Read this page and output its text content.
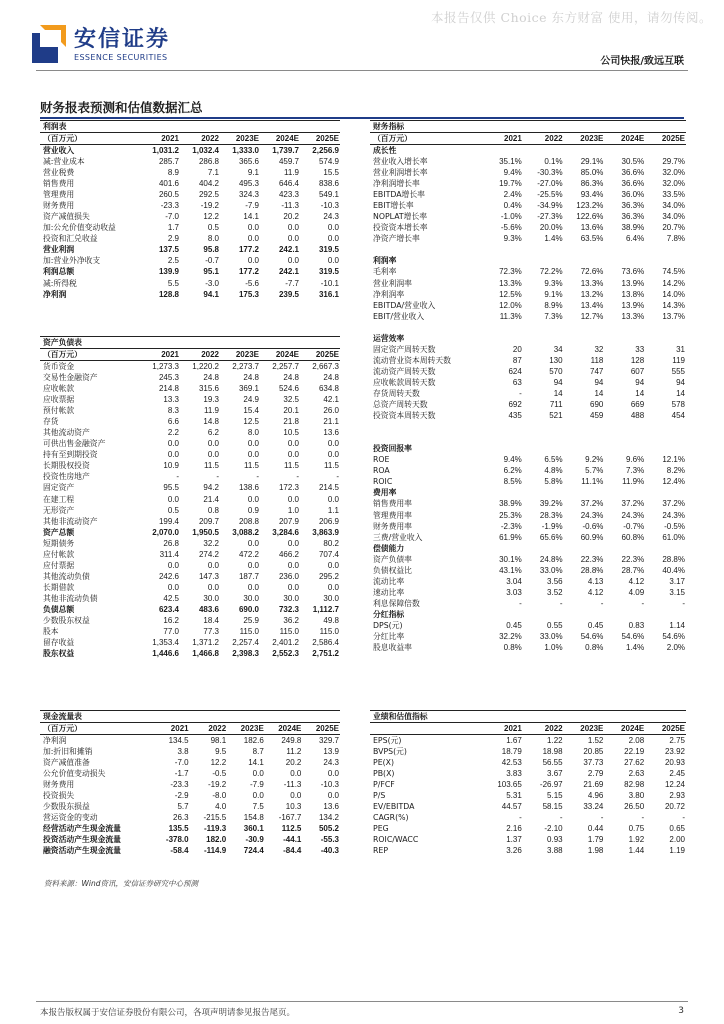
本报告仅供 Choice 东方财富 使用，请勿传阅。
安信证券
ESSENCE SECURITIES	公司快报/致远互联
财务报表预测和估值数据汇总
利润表					
（百万元）	2021	2022	2023E	2024E	2025E
营业收入	1,031.2	1,032.4	1,333.0	1,739.7	2,256.9
减:营业成本	285.7	286.8	365.6	459.7	574.9
营业税费	8.9	7.1	9.1	11.9	15.5
销售费用	401.6	404.2	495.3	646.4	838.6
管理费用	260.5	292.5	324.3	423.3	549.1
财务费用	-23.3	-19.2	-7.9	-11.3	-10.3
资产减值损失	-7.0	12.2	14.1	20.2	24.3
加:公允价值变动收益	1.7	0.5	0.0	0.0	0.0
投资和汇兑收益	2.9	8.0	0.0	0.0	0.0
营业利润	137.5	95.8	177.2	242.1	319.5
加:营业外净收支	2.5	-0.7	0.0	0.0	0.0
利润总额	139.9	95.1	177.2	242.1	319.5
减:所得税	5.5	-3.0	-5.6	-7.7	-10.1
净利润	128.8	94.1	175.3	239.5	316.1
资产负债表					
（百万元）	2021	2022	2023E	2024E	2025E
货币资金	1,273.3	1,220.2	2,273.7	2,257.7	2,667.3
交易性金融资产	245.3	24.8	24.8	24.8	24.8
应收帐款	214.8	315.6	369.1	524.6	634.8
应收票据	13.3	19.3	24.9	32.5	42.1
预付帐款	8.3	11.9	15.4	20.1	26.0
存货	6.6	14.8	12.5	21.8	21.1
其他流动资产	2.2	6.2	8.0	10.5	13.6
可供出售金融资产	0.0	0.0	0.0	0.0	0.0
持有至到期投资	0.0	0.0	0.0	0.0	0.0
长期股权投资	10.9	11.5	11.5	11.5	11.5
投资性房地产	-	-	-	-	-
固定资产	95.5	94.2	138.6	172.3	214.5
在建工程	0.0	21.4	0.0	0.0	0.0
无形资产	0.5	0.8	0.9	1.0	1.1
其他非流动资产	199.4	209.7	208.8	207.9	206.9
资产总额	2,070.0	1,950.5	3,088.2	3,284.6	3,863.9
短期债务	26.8	32.2	0.0	0.0	80.2
应付帐款	311.4	274.2	472.2	466.2	707.4
应付票据	0.0	0.0	0.0	0.0	0.0
其他流动负债	242.6	147.3	187.7	236.0	295.2
长期借款	0.0	0.0	0.0	0.0	0.0
其他非流动负债	42.5	30.0	30.0	30.0	30.0
负债总额	623.4	483.6	690.0	732.3	1,112.7
少数股东权益	16.2	18.4	25.9	36.2	49.8
股本	77.0	77.3	115.0	115.0	115.0
留存收益	1,353.4	1,371.2	2,257.4	2,401.2	2,586.4
股东权益	1,446.6	1,466.8	2,398.3	2,552.3	2,751.2
现金流量表					
（百万元）	2021	2022	2023E	2024E	2025E
净利润	134.5	98.1	182.6	249.8	329.7
加:折旧和摊销	3.8	9.5	8.7	11.2	13.9
资产减值准备	-7.0	12.2	14.1	20.2	24.3
公允价值变动损失	-1.7	-0.5	0.0	0.0	0.0
财务费用	-23.3	-19.2	-7.9	-11.3	-10.3
投资损失	-2.9	-8.0	0.0	0.0	0.0
少数股东损益	5.7	4.0	7.5	10.3	13.6
营运资金的变动	26.3	-215.5	154.8	-167.7	134.2
经营活动产生现金流量	135.5	-119.3	360.1	112.5	505.2
投资活动产生现金流量	-378.0	182.0	-30.9	-44.1	-55.3
融资活动产生现金流量	-58.4	-114.9	724.4	-84.4	-40.3
财务指标					
（百万元）	2021	2022	2023E	2024E	2025E
成长性					
营业收入增长率	35.1%	0.1%	29.1%	30.5%	29.7%
营业利润增长率	9.4%	-30.3%	85.0%	36.6%	32.0%
净利润增长率	19.7%	-27.0%	86.3%	36.6%	32.0%
EBITDA增长率	2.4%	-25.5%	93.4%	36.0%	33.5%
EBIT增长率	0.4%	-34.9%	123.2%	36.3%	34.0%
NOPLAT增长率	-1.0%	-27.3%	122.6%	36.3%	34.0%
投资资本增长率	-5.6%	20.0%	13.6%	38.9%	20.7%
净资产增长率	9.3%	1.4%	63.5%	6.4%	7.8%

利润率					
毛利率	72.3%	72.2%	72.6%	73.6%	74.5%
营业利润率	13.3%	9.3%	13.3%	13.9%	14.2%
净利润率	12.5%	9.1%	13.2%	13.8%	14.0%
EBITDA/营业收入	12.0%	8.9%	13.4%	13.9%	14.3%
EBIT/营业收入	11.3%	7.3%	12.7%	13.3%	13.7%

运营效率					
固定资产周转天数	20	34	32	33	31
流动营业资本周转天数	87	130	118	128	119
流动资产周转天数	624	570	747	607	555
应收帐款周转天数	63	94	94	94	94
存货周转天数	-	14	14	14	14
总资产周转天数	692	711	690	669	578
投资资本周转天数	435	521	459	488	454

投资回报率					
ROE	9.4%	6.5%	9.2%	9.6%	12.1%
ROA	6.2%	4.8%	5.7%	7.3%	8.2%
ROIC	8.5%	5.8%	11.1%	11.9%	12.4%
费用率					
销售费用率	38.9%	39.2%	37.2%	37.2%	37.2%
管理费用率	25.3%	28.3%	24.3%	24.3%	24.3%
财务费用率	-2.3%	-1.9%	-0.6%	-0.7%	-0.5%
三费/营业收入	61.9%	65.6%	60.9%	60.8%	61.0%
偿债能力					
资产负债率	30.1%	24.8%	22.3%	22.3%	28.8%
负债权益比	43.1%	33.0%	28.8%	28.7%	40.4%
流动比率	3.04	3.56	4.13	4.12	3.17
速动比率	3.03	3.52	4.12	4.09	3.15
利息保障倍数	-	-	-	-	-
分红指标					
DPS(元)	0.45	0.55	0.45	0.83	1.14
分红比率	32.2%	33.0%	54.6%	54.6%	54.6%
股息收益率	0.8%	1.0%	0.8%	1.4%	2.0%
业绩和估值指标					
	2021	2022	2023E	2024E	2025E
EPS(元)	1.67	1.22	1.52	2.08	2.75
BVPS(元)	18.79	18.98	20.85	22.19	23.92
PE(X)	42.53	56.55	37.73	27.62	20.93
PB(X)	3.83	3.67	2.79	2.63	2.45
P/FCF	103.65	-26.97	21.69	82.98	12.24
P/S	5.31	5.15	4.96	3.80	2.93
EV/EBITDA	44.57	58.15	33.24	26.50	20.72
CAGR(%)	-	-	-	-	-
PEG	2.16	-2.10	0.44	0.75	0.65
ROIC/WACC	1.37	0.93	1.79	1.92	2.00
REP	3.26	3.88	1.98	1.44	1.19
资料来源：Wind资讯，安信证券研究中心预测
本报告版权属于安信证券股份有限公司，各项声明请参见报告尾页。	3
